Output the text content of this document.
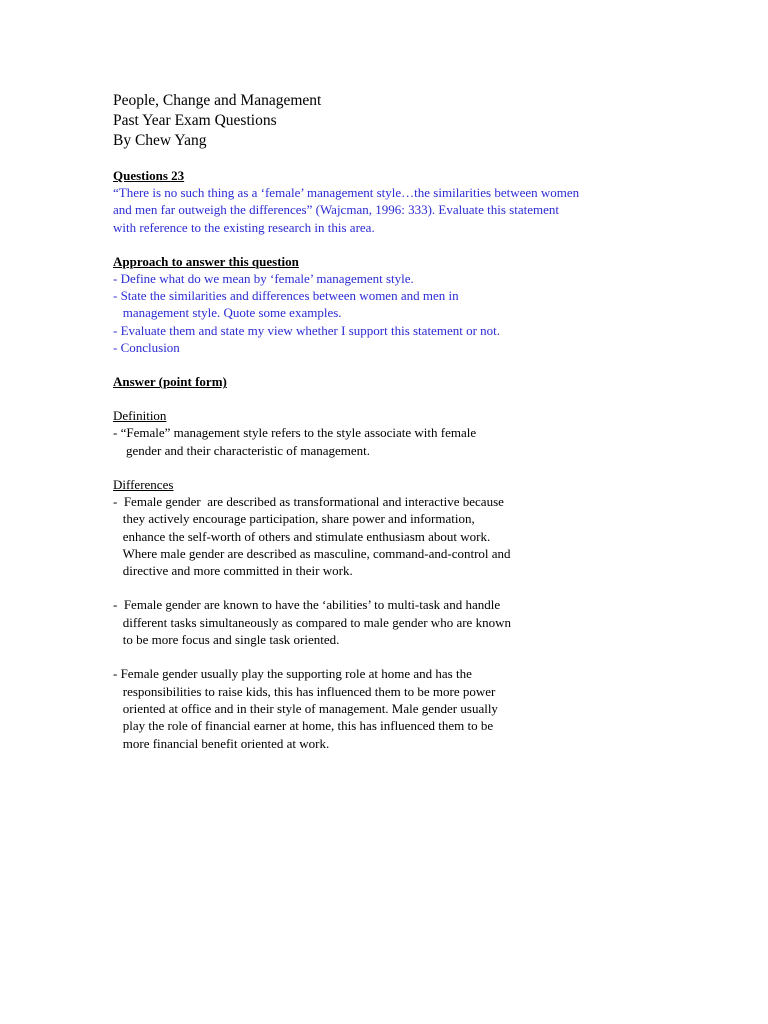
People, Change and Management
Past Year Exam Questions
By Chew Yang
Questions 23
“There is no such thing as a ‘female’ management style…the similarities between women
and men far outweigh the differences” (Wajcman, 1996: 333). Evaluate this statement
with reference to the existing research in this area.
Approach to answer this question
- Define what do we mean by ‘female’ management style.
- State the similarities and differences between women and men in
management style. Quote some examples.
- Evaluate them and state my view whether I support this statement or not.
- Conclusion
Answer (point form)
Definition
- “Female” management style refers to the style associate with female
gender and their characteristic of management.
Differences
-  Female gender  are described as transformational and interactive because
they actively encourage participation, share power and information,
enhance the self-worth of others and stimulate enthusiasm about work.
Where male gender are described as masculine, command-and-control and
directive and more committed in their work.
-  Female gender are known to have the ‘abilities’ to multi-task and handle
different tasks simultaneously as compared to male gender who are known
to be more focus and single task oriented.
- Female gender usually play the supporting role at home and has the
responsibilities to raise kids, this has influenced them to be more power
oriented at office and in their style of management. Male gender usually
play the role of financial earner at home, this has influenced them to be
more financial benefit oriented at work.
